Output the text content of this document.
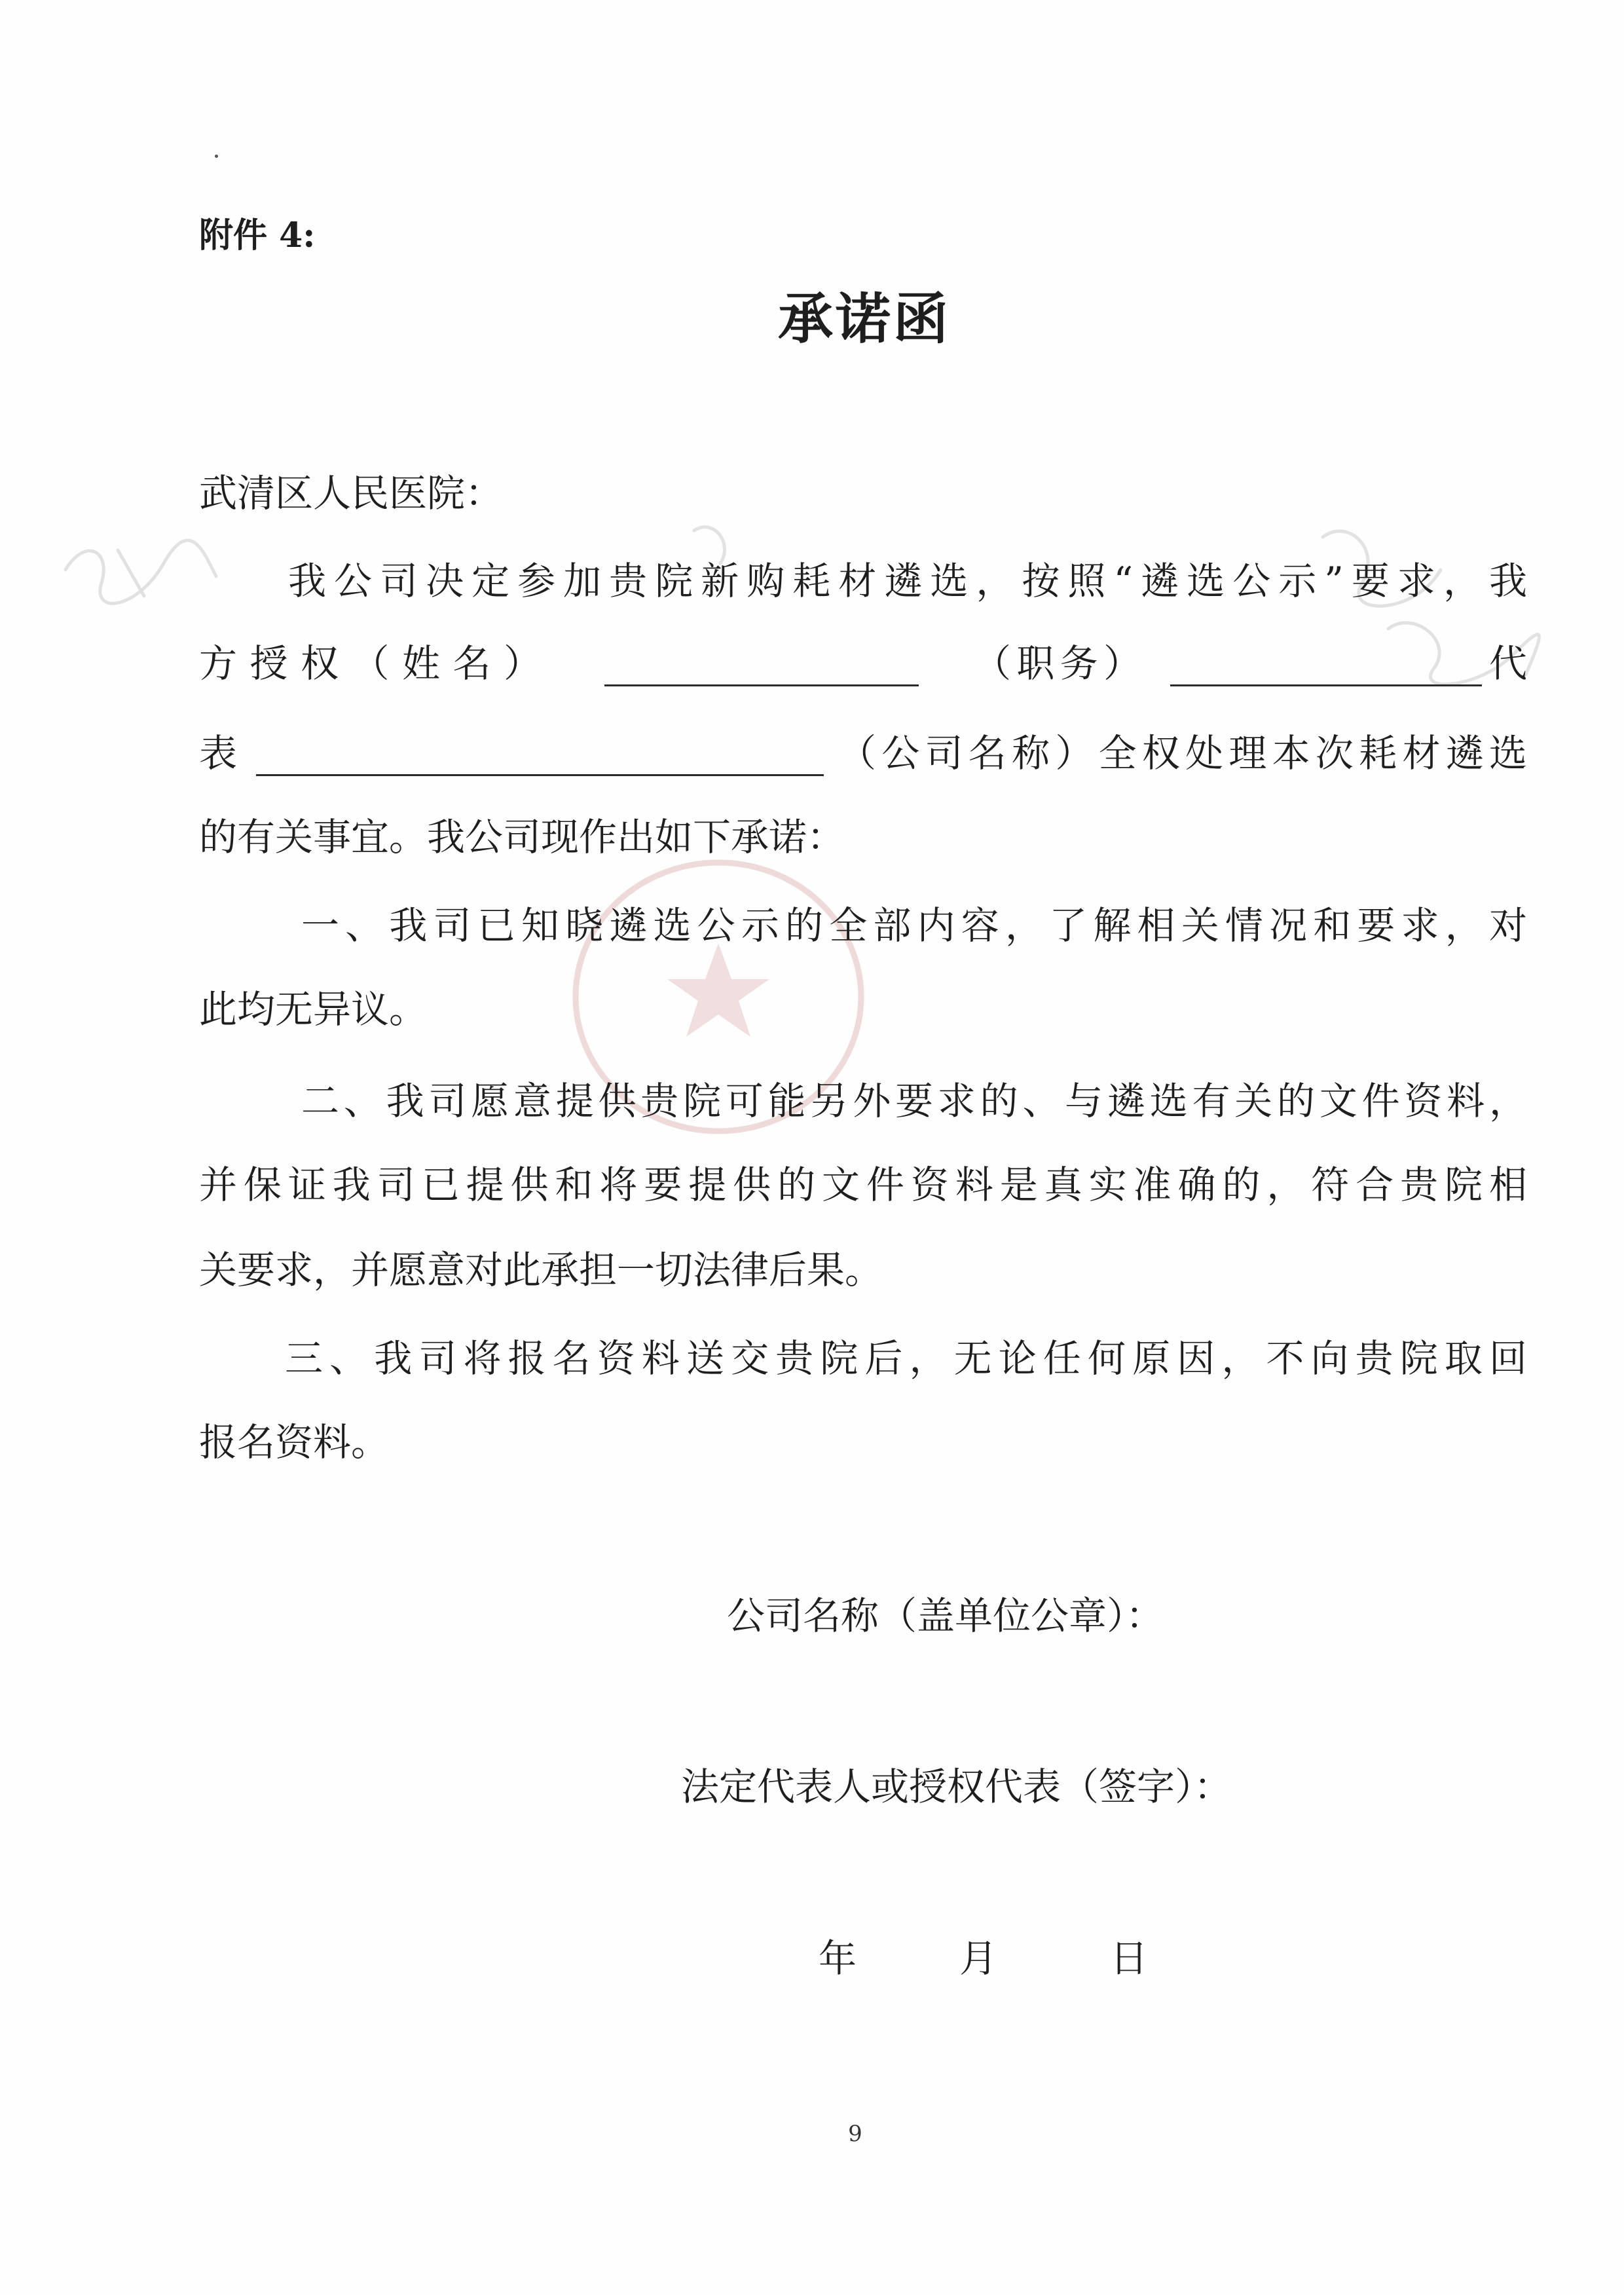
附件 4:
承诺函
武清区人民医院：
我公司决定参加贵院新购耗材遴选，按照“遴选公示”要求，我
方授权（姓名）	（职务）	代
表	（公司名称）全权处理本次耗材遴选
的有关事宜。我公司现作出如下承诺：
一、我司已知晓遴选公示的全部内容，了解相关情况和要求，对
此均无异议。
二、我司愿意提供贵院可能另外要求的、与遴选有关的文件资料，
并保证我司已提供和将要提供的文件资料是真实准确的，符合贵院相
关要求，并愿意对此承担一切法律后果。
三、我司将报名资料送交贵院后，无论任何原因，不向贵院取回
报名资料。
公司名称（盖单位公章）：
法定代表人或授权代表（签字）：
年	月	日
9
